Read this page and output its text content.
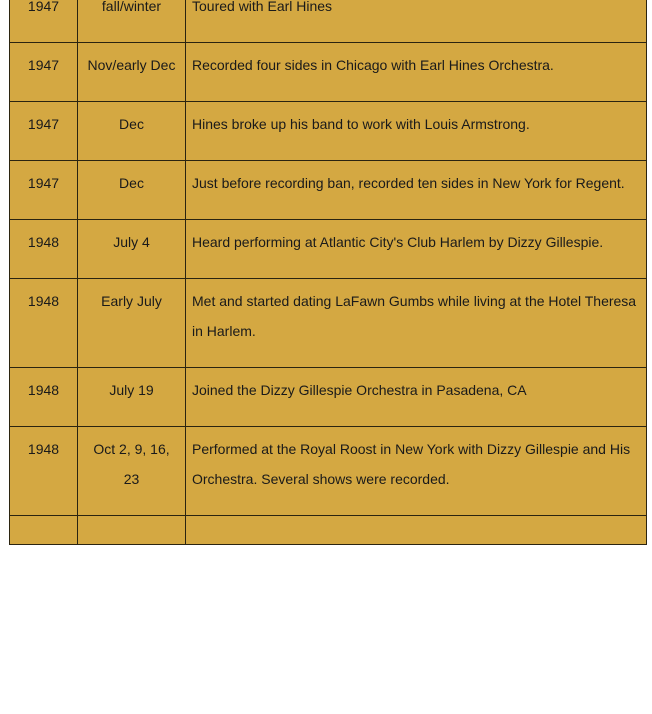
1947	fall/winter	Toured with Earl Hines
1947	Nov/early Dec	Recorded four sides in Chicago with Earl Hines Orchestra.
1947	Dec	Hines broke up his band to work with Louis Armstrong.
1947	Dec	Just before recording ban, recorded ten sides in New York for Regent.
1948	July 4	Heard performing at Atlantic City's Club Harlem by Dizzy Gillespie.
1948	Early July	Met and started dating LaFawn Gumbs while living at the Hotel Theresa in Harlem.
1948	July 19	Joined the Dizzy Gillespie Orchestra in Pasadena, CA
1948	Oct 2, 9, 16, 23	Performed at the Royal Roost in New York with Dizzy Gillespie and His Orchestra. Several shows were recorded.
